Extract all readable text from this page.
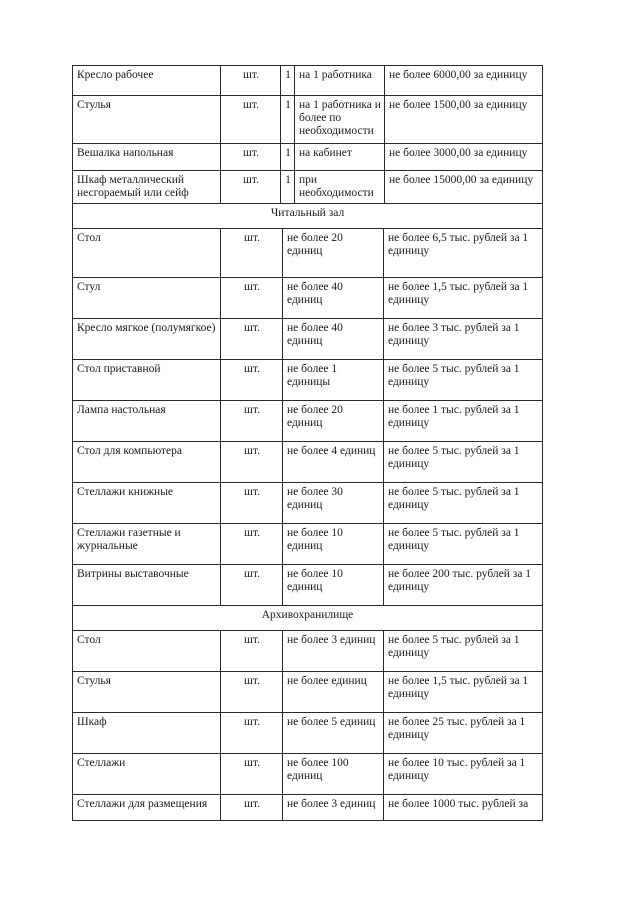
Кресло рабочее	шт.	1	на 1 работника	не более 6000,00 за единицу
Стулья	шт.	1	на 1 работника и более по необходимости	не более 1500,00 за единицу
Вешалка напольная	шт.	1	на кабинет	не более 3000,00 за единицу
Шкаф металлический несгораемый или сейф	шт.	1	при необходимости	не более 15000,00 за единицу
Читальный зал			
Стол	шт.	не более 20 единиц	не более 6,5 тыс. рублей за 1 единицу
Стул	шт.	не более 40 единиц	не более 1,5 тыс. рублей за 1 единицу
Кресло мягкое (полумягкое)	шт.	не более 40 единиц	не более 3 тыс. рублей за 1 единицу
Стол приставной	шт.	не более 1 единицы	не более 5 тыс. рублей за 1 единицу
Лампа настольная	шт.	не более 20 единиц	не более 1 тыс. рублей за 1 единицу
Стол для компьютера	шт.	не более 4 единиц	не более 5 тыс. рублей за 1 единицу
Стеллажи книжные	шт.	не более 30 единиц	не более 5 тыс. рублей за 1 единицу
Стеллажи газетные и журнальные	шт.	не более 10 единиц	не более 5 тыс. рублей за 1 единицу
Витрины выставочные	шт.	не более 10 единиц	не более 200 тыс. рублей за 1 единицу
Архивохранилище			
Стол	шт.	не более 3 единиц	не более 5 тыс. рублей за 1 единицу
Стулья	шт.	не более единиц	не более 1,5 тыс. рублей за 1 единицу
Шкаф	шт.	не более 5 единиц	не более 25 тыс. рублей за 1 единицу
Стеллажи	шт.	не более 100 единиц	не более 10 тыс. рублей за 1 единицу
Стеллажи для размещения	шт.	не более 3 единиц	не более 1000 тыс. рублей за
